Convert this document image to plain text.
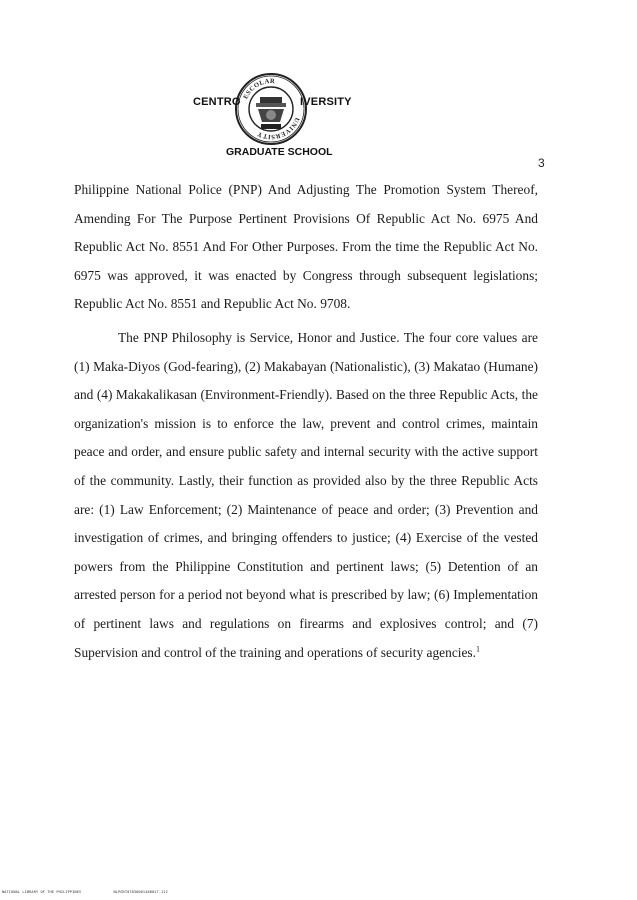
ESCOLAR
UNIVERSITY
CENTRO	IVERSITY
GRADUATE SCHOOL
3

Philippine National Police (PNP) And Adjusting The Promotion System Thereof, Amending For The Purpose Pertinent Provisions Of Republic Act No. 6975 And Republic Act No. 8551 And For Other Purposes. From the time the Republic Act No. 6975 was approved, it was enacted by Congress through subsequent legislations; Republic Act No. 8551 and Republic Act No. 9708.

The PNP Philosophy is Service, Honor and Justice. The four core values are (1) Maka-Diyos (God-fearing), (2) Makabayan (Nationalistic), (3) Makatao (Humane) and (4) Makakalikasan (Environment-Friendly). Based on the three Republic Acts, the organization's mission is to enforce the law, prevent and control crimes, maintain peace and order, and ensure public safety and internal security with the active support of the community. Lastly, their function as provided also by the three Republic Acts are: (1) Law Enforcement; (2) Maintenance of peace and order; (3) Prevention and investigation of crimes, and bringing offenders to justice; (4) Exercise of the vested powers from the Philippine Constitution and pertinent laws; (5) Detention of an arrested person for a period not beyond what is prescribed by law; (6) Implementation of pertinent laws and regulations on firearms and explosives control; and (7) Supervision and control of the training and operations of security agencies.$^1$

NATIONAL LIBRARY OF THE PHILIPPINES	NLPGRT07830001468017-112
